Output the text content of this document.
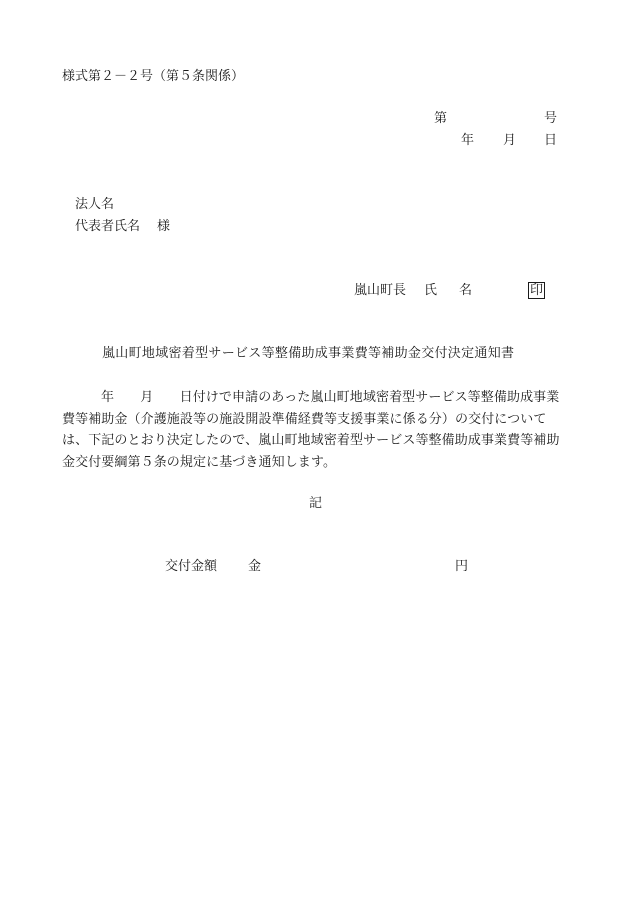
様式第２－２号（第５条関係）
第	号
年 月 日
法人名
代表者氏名 様
嵐山町長 氏 名	印
嵐山町地域密着型サービス等整備助成事業費等補助金交付決定通知書
年　　月　　日付けで申請のあった嵐山町地域密着型サービス等整備助成事業費等補助金（介護施設等の施設開設準備経費等支援事業に係る分）の交付については、下記のとおり決定したので、嵐山町地域密着型サービス等整備助成事業費等補助金交付要綱第５条の規定に基づき通知します。
記
交付金額 金	円
